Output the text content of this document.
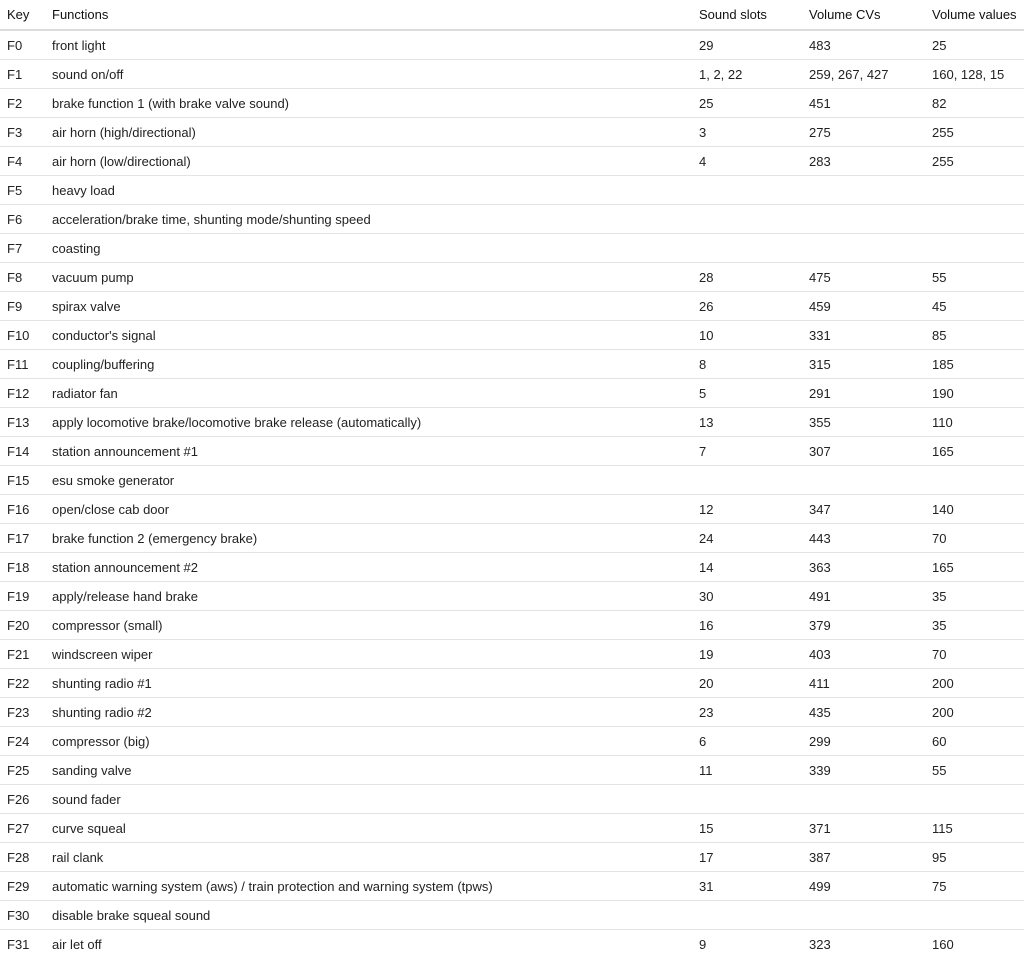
Key	Functions	Sound slots	Volume CVs	Volume values
F0	front light	29	483	25
F1	sound on/off	1, 2, 22	259, 267, 427	160, 128, 15
F2	brake function 1 (with brake valve sound)	25	451	82
F3	air horn (high/directional)	3	275	255
F4	air horn (low/directional)	4	283	255
F5	heavy load			
F6	acceleration/brake time, shunting mode/shunting speed			
F7	coasting			
F8	vacuum pump	28	475	55
F9	spirax valve	26	459	45
F10	conductor's signal	10	331	85
F11	coupling/buffering	8	315	185
F12	radiator fan	5	291	190
F13	apply locomotive brake/locomotive brake release (automatically)	13	355	110
F14	station announcement #1	7	307	165
F15	esu smoke generator			
F16	open/close cab door	12	347	140
F17	brake function 2 (emergency brake)	24	443	70
F18	station announcement #2	14	363	165
F19	apply/release hand brake	30	491	35
F20	compressor (small)	16	379	35
F21	windscreen wiper	19	403	70
F22	shunting radio #1	20	411	200
F23	shunting radio #2	23	435	200
F24	compressor (big)	6	299	60
F25	sanding valve	11	339	55
F26	sound fader			
F27	curve squeal	15	371	115
F28	rail clank	17	387	95
F29	automatic warning system (aws) / train protection and warning system (tpws)	31	499	75
F30	disable brake squeal sound			
F31	air let off	9	323	160
